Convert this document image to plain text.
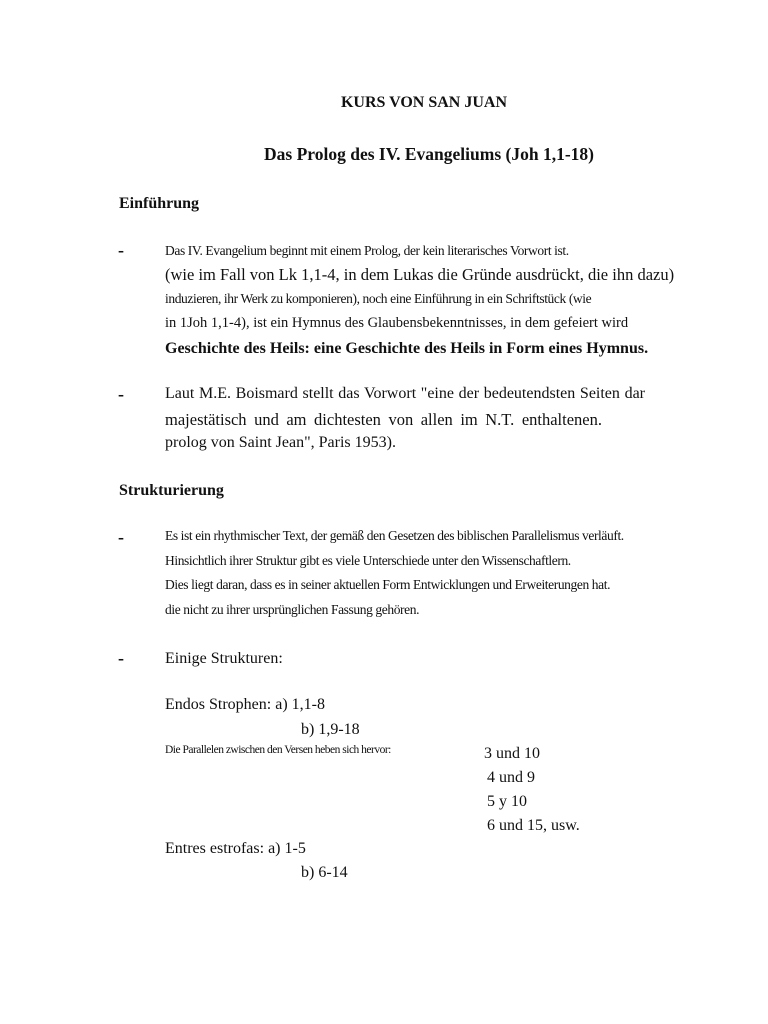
KURS VON SAN JUAN
Das Prolog des IV. Evangeliums (Joh 1,1-18)
Einführung
-	Das IV. Evangelium beginnt mit einem Prolog, der kein literarisches Vorwort ist.
(wie im Fall von Lk 1,1-4, in dem Lukas die Gründe ausdrückt, die ihn dazu)
induzieren, ihr Werk zu komponieren), noch eine Einführung in ein Schriftstück (wie
in 1Joh 1,1-4), ist ein Hymnus des Glaubensbekenntnisses, in dem gefeiert wird
Geschichte des Heils: eine Geschichte des Heils in Form eines Hymnus.
-	Laut M.E. Boismard stellt das Vorwort "eine der bedeutendsten Seiten dar
majestätisch und am dichtesten von allen im N.T. enthaltenen.
prolog von Saint Jean", Paris 1953).
Strukturierung
-	Es ist ein rhythmischer Text, der gemäß den Gesetzen des biblischen Parallelismus verläuft.
Hinsichtlich ihrer Struktur gibt es viele Unterschiede unter den Wissenschaftlern.
Dies liegt daran, dass es in seiner aktuellen Form Entwicklungen und Erweiterungen hat.
die nicht zu ihrer ursprünglichen Fassung gehören.
-	Einige Strukturen:
Endos Strophen: a) 1,1-8
b) 1,9-18
Die Parallelen zwischen den Versen heben sich hervor:	3 und 10
4 und 9
5 y 10
6 und 15, usw.
Entres estrofas: a) 1-5
b) 6-14
